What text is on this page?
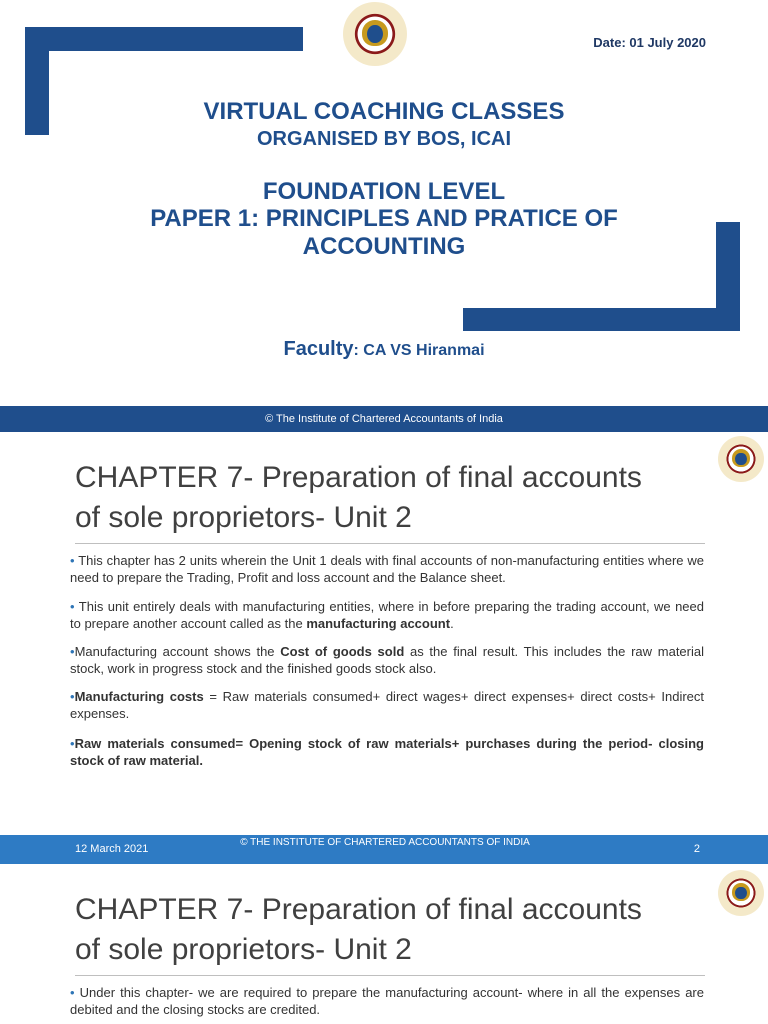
Date: 01 July 2020
VIRTUAL COACHING CLASSES
ORGANISED BY BOS, ICAI
FOUNDATION LEVEL
PAPER 1: PRINCIPLES AND PRATICE OF
ACCOUNTING
Faculty: CA VS Hiranmai
© The Institute of Chartered Accountants of India
CHAPTER 7- Preparation of final accounts
of sole proprietors- Unit 2
• This chapter has 2 units wherein the Unit 1 deals with final accounts of non-manufacturing entities where we need to prepare the Trading, Profit and loss account and the Balance sheet.
• This unit entirely deals with manufacturing entities, where in before preparing the trading account, we need to prepare another account called as the manufacturing account.
•Manufacturing account shows the Cost of goods sold as the final result. This includes the raw material stock, work in progress stock and the finished goods stock also.
•Manufacturing costs = Raw materials consumed+ direct wages+ direct expenses+ direct costs+ Indirect expenses.
•Raw materials consumed= Opening stock of raw materials+ purchases during the period- closing stock of raw material.
12 March 2021
© THE INSTITUTE OF CHARTERED ACCOUNTANTS OF INDIA
2
CHAPTER 7- Preparation of final accounts
of sole proprietors- Unit 2
• Under this chapter- we are required to prepare the manufacturing account- where in all the expenses are debited and the closing stocks are credited.
